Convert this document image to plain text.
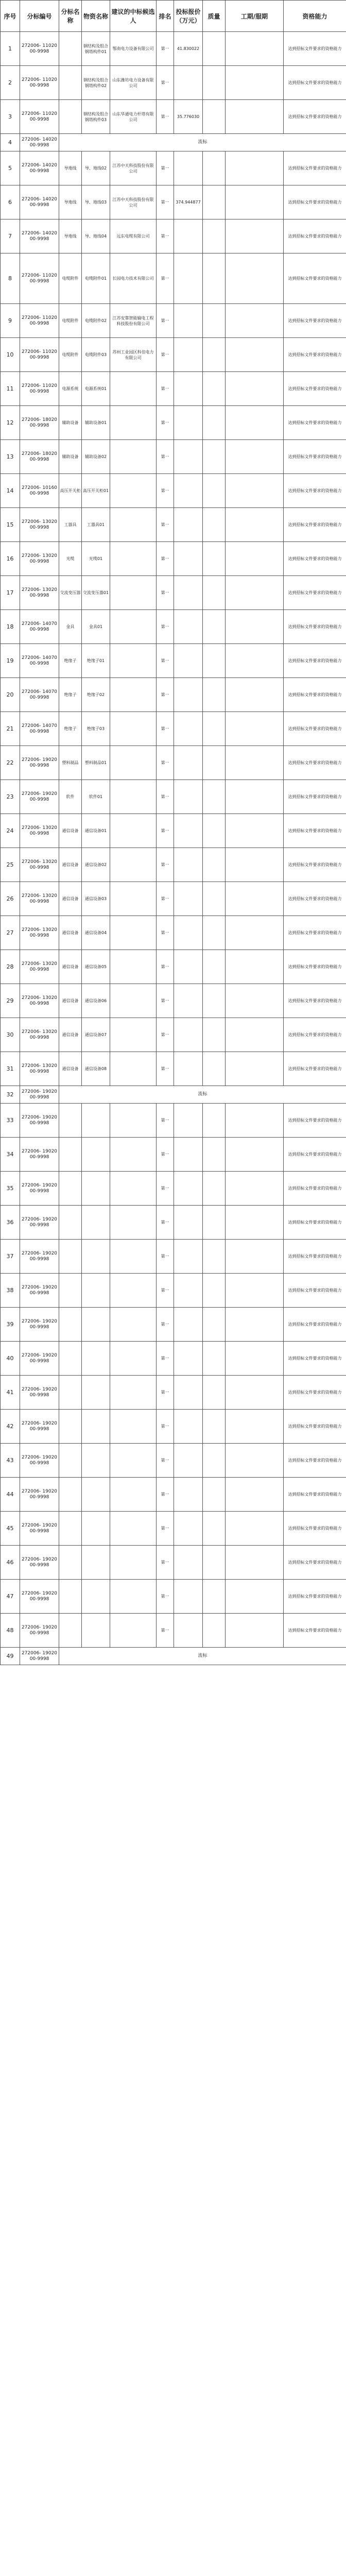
序号	分标编号	分标名称	物资名称	建议的中标候选人	排名	投标报价（万元）	质量	工期/服期	资格能力
1	272006- 1102000-9998		钢结构及组合钢塔构件01	鄂南电力设备有限公司	第一	41.830022			达到招标文件要求的资格能力
2	272006- 1102000-9998		钢结构及组合钢塔构件02	山东潍坊电力设备有限公司	第一				达到招标文件要求的资格能力
3	272006- 1102000-9998		钢结构及组合钢塔构件03	山东华通电力杆塔有限公司	第一	35.776030			达到招标文件要求的资格能力
4	272006- 1402000-9998	流标							
5	272006- 1402000-9998	导地线	导、地线02	江苏中天科技股份有限公司	第一				达到招标文件要求的资格能力
6	272006- 1402000-9998	导地线	导、地线03	江苏中天科技股份有限公司	第一	374.944877			达到招标文件要求的资格能力
7	272006- 1402000-9998	导地线	导、地线04	远东电缆有限公司	第一				达到招标文件要求的资格能力
8	272006- 1102000-9998	电缆附件	电缆附件01	长园电力技术有限公司	第一				达到招标文件要求的资格能力
9	272006- 1102000-9998	电缆附件	电缆附件02	江苏安靠智能输电工程科技股份有限公司	第一				达到招标文件要求的资格能力
10	272006- 1102000-9998	电缆附件	电缆附件03	苏州工业园区科佳电力有限公司	第一				达到招标文件要求的资格能力
11	272006- 1102000-9998	电源系统	电源系统01		第一				达到招标文件要求的资格能力
12	272006- 1802000-9998	辅助设备	辅助设备01		第一				达到招标文件要求的资格能力
13	272006- 1802000-9998	辅助设备	辅助设备02		第一				达到招标文件要求的资格能力
14	272006- 1016000-9998	高压开关柜	高压开关柜01		第一				达到招标文件要求的资格能力
15	272006- 1302000-9998	工器具	工器具01		第一				达到招标文件要求的资格能力
16	272006- 1302000-9998	光缆	光缆01		第一				达到招标文件要求的资格能力
17	272006- 1302000-9998	交流变压器	交流变压器01		第一				达到招标文件要求的资格能力
18	272006- 1407000-9998	金具	金具01		第一				达到招标文件要求的资格能力
19	272006- 1407000-9998	绝缘子	绝缘子01		第一				达到招标文件要求的资格能力
20	272006- 1407000-9998	绝缘子	绝缘子02		第一				达到招标文件要求的资格能力
21	272006- 1407000-9998	绝缘子	绝缘子03		第一				达到招标文件要求的资格能力
22	272006- 1902000-9998	塑料制品	塑料制品01		第一				达到招标文件要求的资格能力
23	272006- 1902000-9998	软件	软件01		第一				达到招标文件要求的资格能力
24	272006- 1302000-9998	通信设备	通信设备01		第一				达到招标文件要求的资格能力
25	272006- 1302000-9998	通信设备	通信设备02		第一				达到招标文件要求的资格能力
26	272006- 1302000-9998	通信设备	通信设备03		第一				达到招标文件要求的资格能力
27	272006- 1302000-9998	通信设备	通信设备04		第一				达到招标文件要求的资格能力
28	272006- 1302000-9998	通信设备	通信设备05		第一				达到招标文件要求的资格能力
29	272006- 1302000-9998	通信设备	通信设备06		第一				达到招标文件要求的资格能力
30	272006- 1302000-9998	通信设备	通信设备07		第一				达到招标文件要求的资格能力
31	272006- 1302000-9998	通信设备	通信设备08		第一				达到招标文件要求的资格能力
32	272006- 1902000-9998	流标							
33	272006- 1902000-9998				第一				达到招标文件要求的资格能力
34	272006- 1902000-9998				第一				达到招标文件要求的资格能力
35	272006- 1902000-9998				第一				达到招标文件要求的资格能力
36	272006- 1902000-9998				第一				达到招标文件要求的资格能力
37	272006- 1902000-9998				第一				达到招标文件要求的资格能力
38	272006- 1902000-9998				第一				达到招标文件要求的资格能力
39	272006- 1902000-9998				第一				达到招标文件要求的资格能力
40	272006- 1902000-9998				第一				达到招标文件要求的资格能力
41	272006- 1902000-9998				第一				达到招标文件要求的资格能力
42	272006- 1902000-9998				第一				达到招标文件要求的资格能力
43	272006- 1902000-9998				第一				达到招标文件要求的资格能力
44	272006- 1902000-9998				第一				达到招标文件要求的资格能力
45	272006- 1902000-9998				第一				达到招标文件要求的资格能力
46	272006- 1902000-9998				第一				达到招标文件要求的资格能力
47	272006- 1902000-9998				第一				达到招标文件要求的资格能力
48	272006- 1902000-9998				第一				达到招标文件要求的资格能力
49	272006- 1902000-9998	流标							
